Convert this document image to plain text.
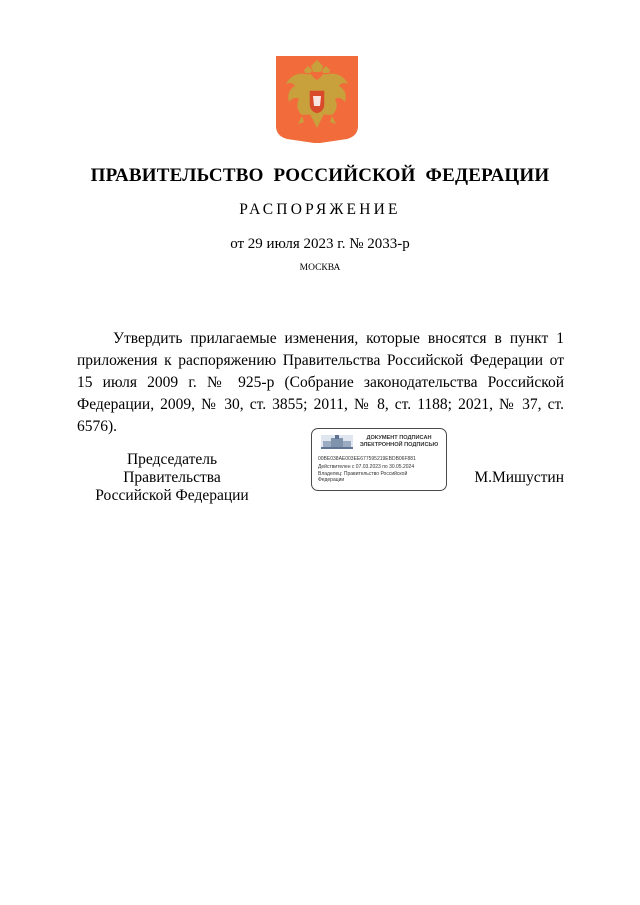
ПРАВИТЕЛЬСТВО РОССИЙСКОЙ ФЕДЕРАЦИИ
РАСПОРЯЖЕНИЕ
от 29 июля 2023 г. № 2033-р
МОСКВА
Утвердить прилагаемые изменения, которые вносятся в пункт 1 приложения к распоряжению Правительства Российской Федерации от 15 июля 2009 г. № 925-р (Собрание законодательства Российской Федерации, 2009, № 30, ст. 3855; 2011, № 8, ст. 1188; 2021, № 37, ст. 6576).
Председатель Правительства
Российской Федерации
ДОКУМЕНТ ПОДПИСАН
ЭЛЕКТРОННОЙ ПОДПИСЬЮ
00BE038AE003EE677595219EBDB06F881
Действителен с 07.03.2023 по 30.05.2024
Владелец: Правительство Российской
Федерации	М.Мишустин
